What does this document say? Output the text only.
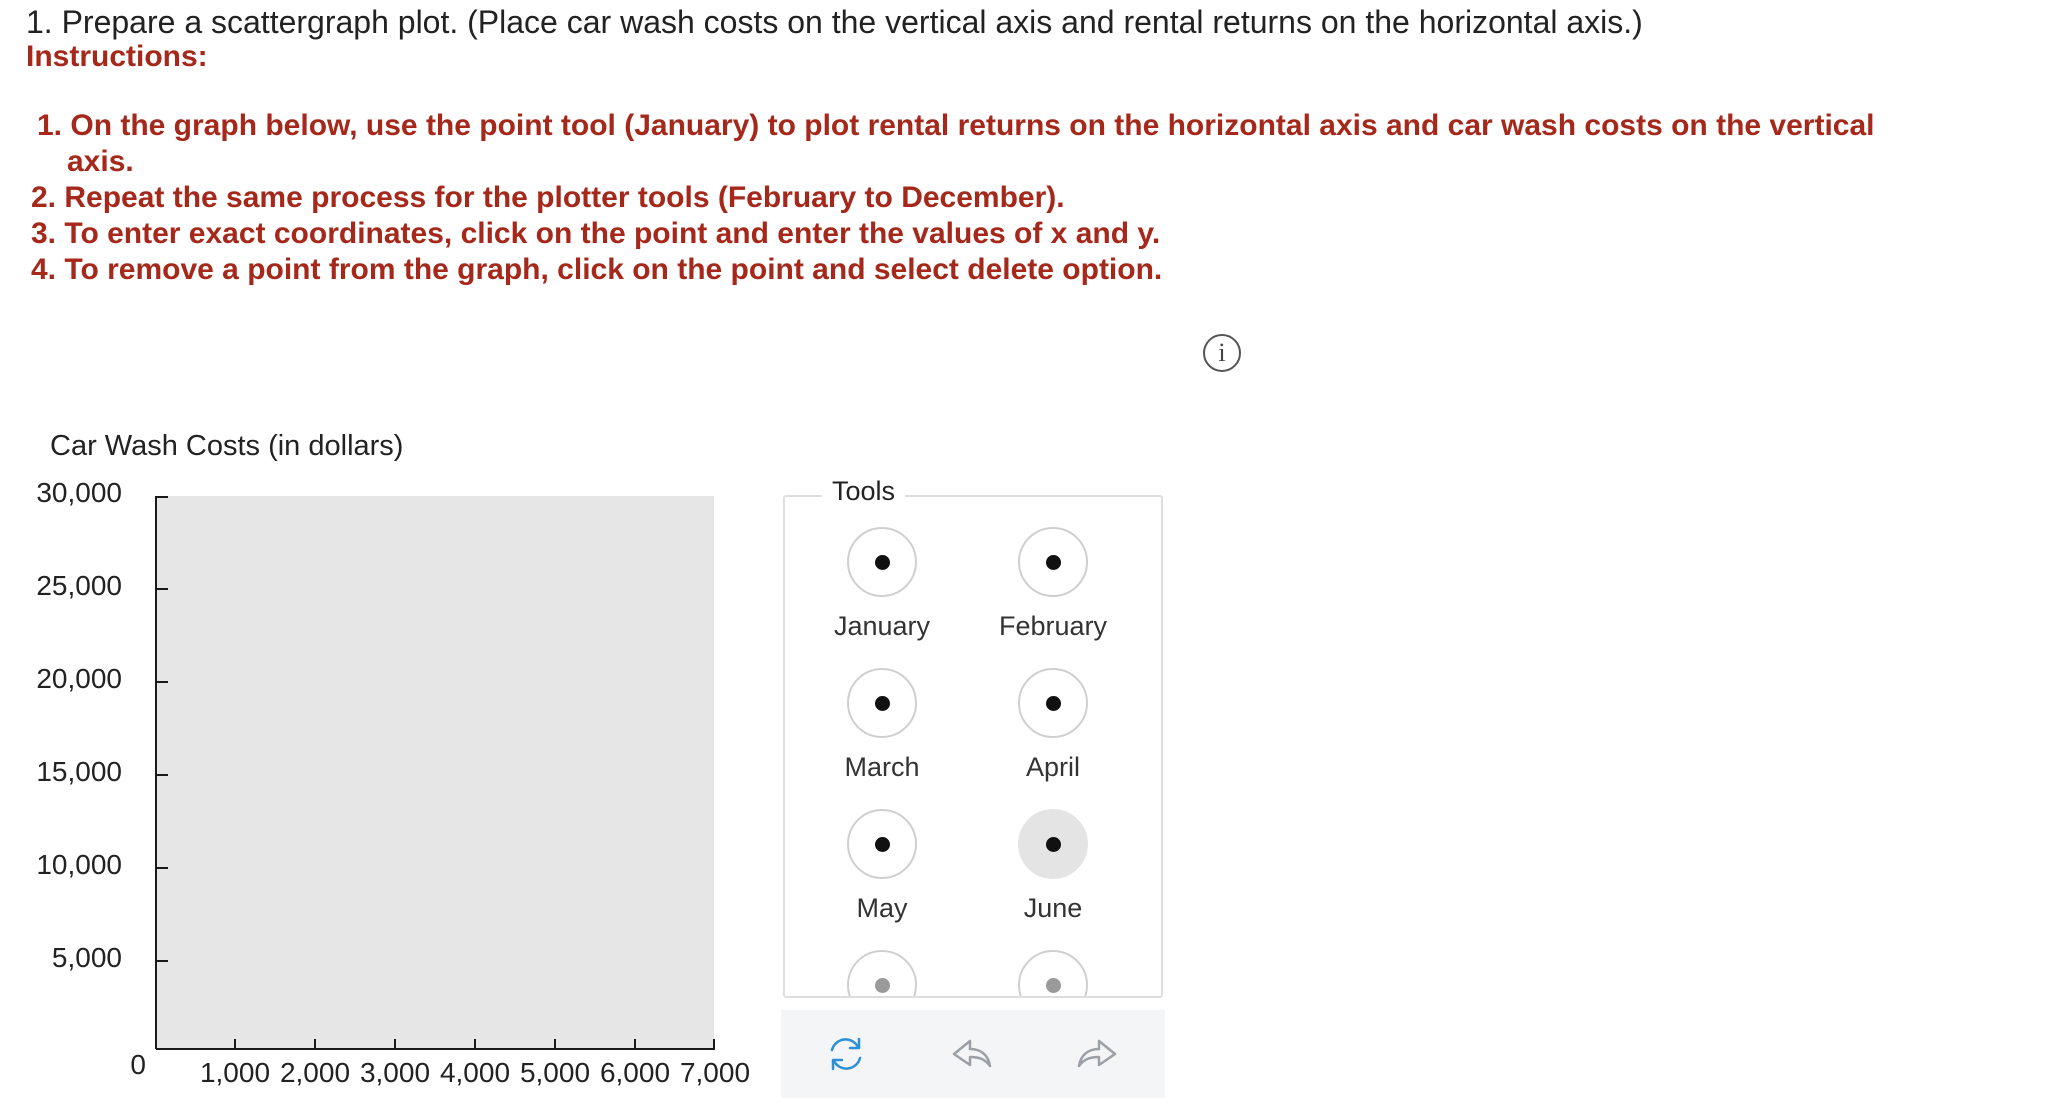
1. Prepare a scattergraph plot. (Place car wash costs on the vertical axis and rental returns on the horizontal axis.)
Instructions:
1. On the graph below, use the point tool (January) to plot rental returns on the horizontal axis and car wash costs on the vertical
axis.
2. Repeat the same process for the plotter tools (February to December).
3. To enter exact coordinates, click on the point and enter the values of x and y.
4. To remove a point from the graph, click on the point and select delete option.
i
Car Wash Costs (in dollars)
30,000
25,000
20,000
15,000
10,000
5,000
0 1,000 2,000 3,000 4,000 5,000 6,000 7,000
January	February
March	April
May	June
Tools
